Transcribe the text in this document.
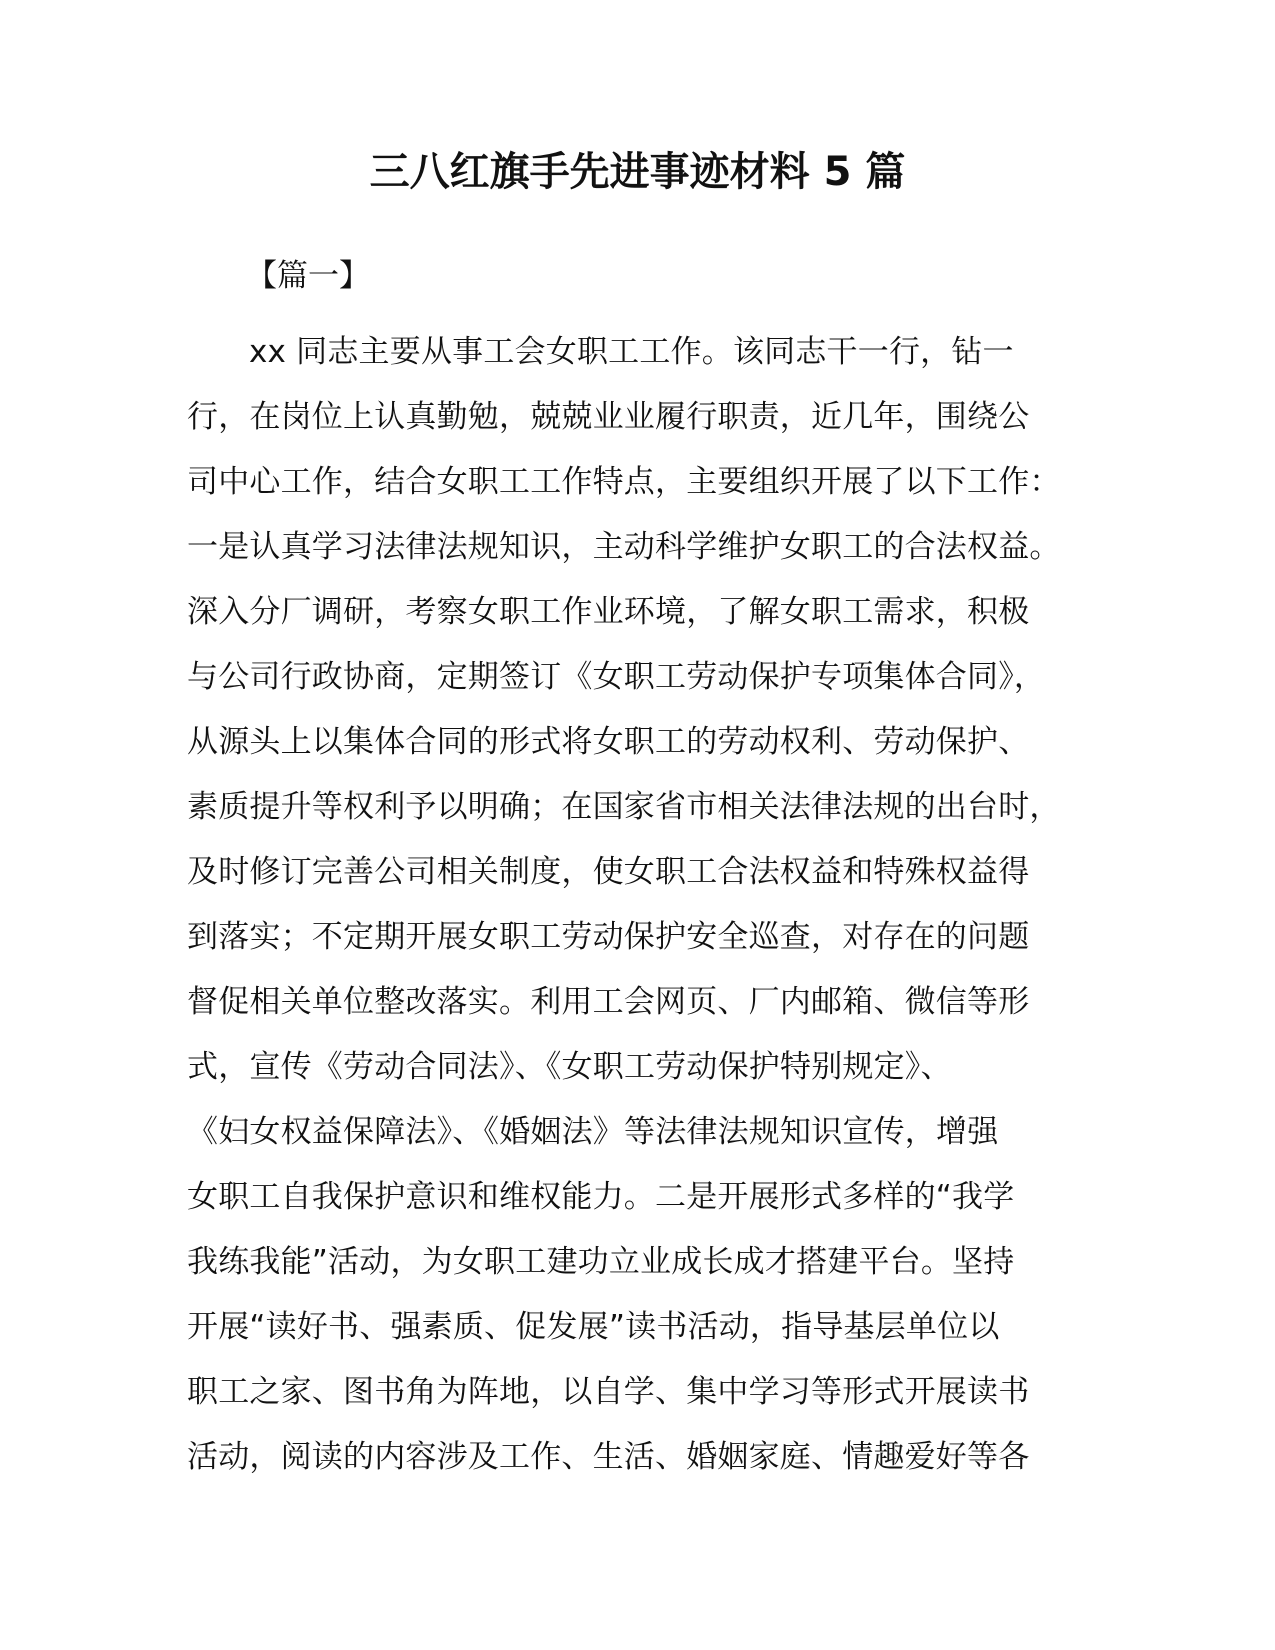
三八红旗手先进事迹材料 5 篇

【篇一】

xx 同志主要从事工会女职工工作。该同志干一行，钻一
行，在岗位上认真勤勉，兢兢业业履行职责，近几年，围绕公
司中心工作，结合女职工工作特点，主要组织开展了以下工作：
一是认真学习法律法规知识，主动科学维护女职工的合法权益。
深入分厂调研，考察女职工作业环境，了解女职工需求，积极
与公司行政协商，定期签订《女职工劳动保护专项集体合同》，
从源头上以集体合同的形式将女职工的劳动权利、劳动保护、
素质提升等权利予以明确；在国家省市相关法律法规的出台时，
及时修订完善公司相关制度，使女职工合法权益和特殊权益得
到落实；不定期开展女职工劳动保护安全巡查，对存在的问题
督促相关单位整改落实。利用工会网页、厂内邮箱、微信等形
式，宣传《劳动合同法》、《女职工劳动保护特别规定》、
《妇女权益保障法》、《婚姻法》等法律法规知识宣传，增强
女职工自我保护意识和维权能力。二是开展形式多样的“我学
我练我能”活动，为女职工建功立业成长成才搭建平台。坚持
开展“读好书、强素质、促发展”读书活动，指导基层单位以
职工之家、图书角为阵地，以自学、集中学习等形式开展读书
活动，阅读的内容涉及工作、生活、婚姻家庭、情趣爱好等各
